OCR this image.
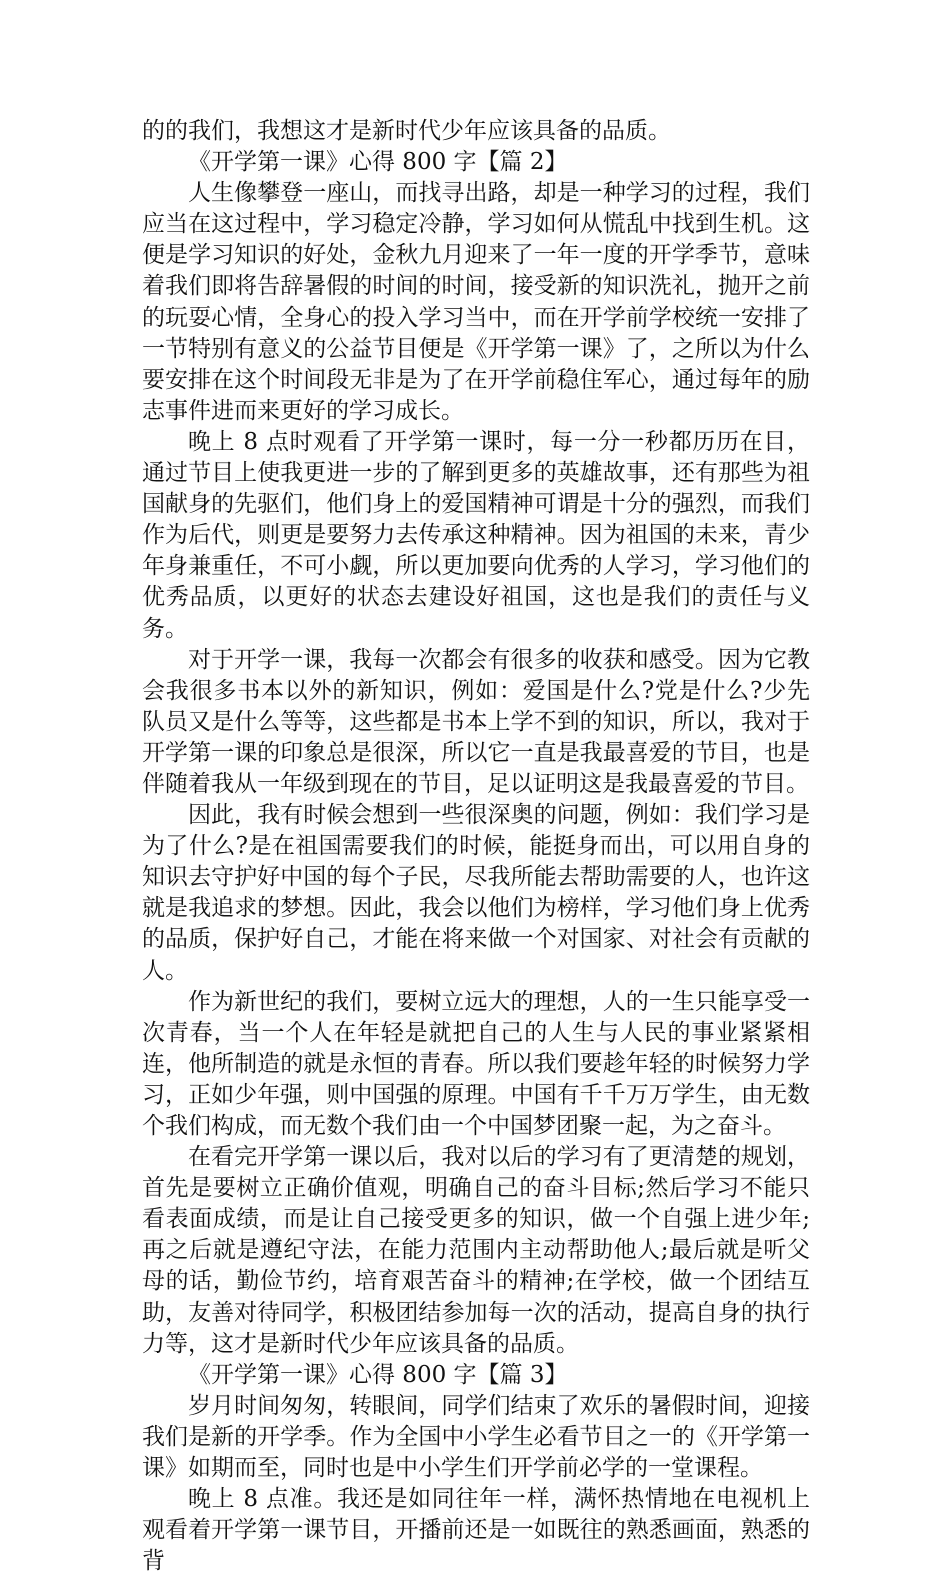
的的我们，我想这才是新时代少年应该具备的品质。

《开学第一课》心得 800 字【篇 2】

人生像攀登一座山，而找寻出路，却是一种学习的过程，我们应当在这过程中，学习稳定冷静，学习如何从慌乱中找到生机。这便是学习知识的好处，金秋九月迎来了一年一度的开学季节，意味着我们即将告辞暑假的时间的时间，接受新的知识洗礼，抛开之前的玩耍心情，全身心的投入学习当中，而在开学前学校统一安排了一节特别有意义的公益节目便是《开学第一课》了，之所以为什么要安排在这个时间段无非是为了在开学前稳住军心，通过每年的励志事件进而来更好的学习成长。

晚上 8 点时观看了开学第一课时，每一分一秒都历历在目，通过节目上使我更进一步的了解到更多的英雄故事，还有那些为祖国献身的先驱们，他们身上的爱国精神可谓是十分的强烈，而我们作为后代，则更是要努力去传承这种精神。因为祖国的未来，青少年身兼重任，不可小觑，所以更加要向优秀的人学习，学习他们的优秀品质，以更好的状态去建设好祖国，这也是我们的责任与义务。

对于开学一课，我每一次都会有很多的收获和感受。因为它教会我很多书本以外的新知识，例如：爱国是什么?党是什么?少先队员又是什么等等，这些都是书本上学不到的知识，所以，我对于开学第一课的印象总是很深，所以它一直是我最喜爱的节目，也是伴随着我从一年级到现在的节目，足以证明这是我最喜爱的节目。

因此，我有时候会想到一些很深奥的问题，例如：我们学习是为了什么?是在祖国需要我们的时候，能挺身而出，可以用自身的知识去守护好中国的每个子民，尽我所能去帮助需要的人，也许这就是我追求的梦想。因此，我会以他们为榜样，学习他们身上优秀的品质，保护好自己，才能在将来做一个对国家、对社会有贡献的人。

作为新世纪的我们，要树立远大的理想，人的一生只能享受一次青春，当一个人在年轻是就把自己的人生与人民的事业紧紧相连，他所制造的就是永恒的青春。所以我们要趁年轻的时候努力学习，正如少年强，则中国强的原理。中国有千千万万学生，由无数个我们构成，而无数个我们由一个中国梦团聚一起，为之奋斗。

在看完开学第一课以后，我对以后的学习有了更清楚的规划，首先是要树立正确价值观，明确自己的奋斗目标;然后学习不能只看表面成绩，而是让自己接受更多的知识，做一个自强上进少年;再之后就是遵纪守法，在能力范围内主动帮助他人;最后就是听父母的话，勤俭节约，培育艰苦奋斗的精神;在学校，做一个团结互助，友善对待同学，积极团结参加每一次的活动，提高自身的执行力等，这才是新时代少年应该具备的品质。

《开学第一课》心得 800 字【篇 3】

岁月时间匆匆，转眼间，同学们结束了欢乐的暑假时间，迎接我们是新的开学季。作为全国中小学生必看节目之一的《开学第一课》如期而至，同时也是中小学生们开学前必学的一堂课程。

晚上 8 点准。我还是如同往年一样，满怀热情地在电视机上观看着开学第一课节目，开播前还是一如既往的熟悉画面，熟悉的背
